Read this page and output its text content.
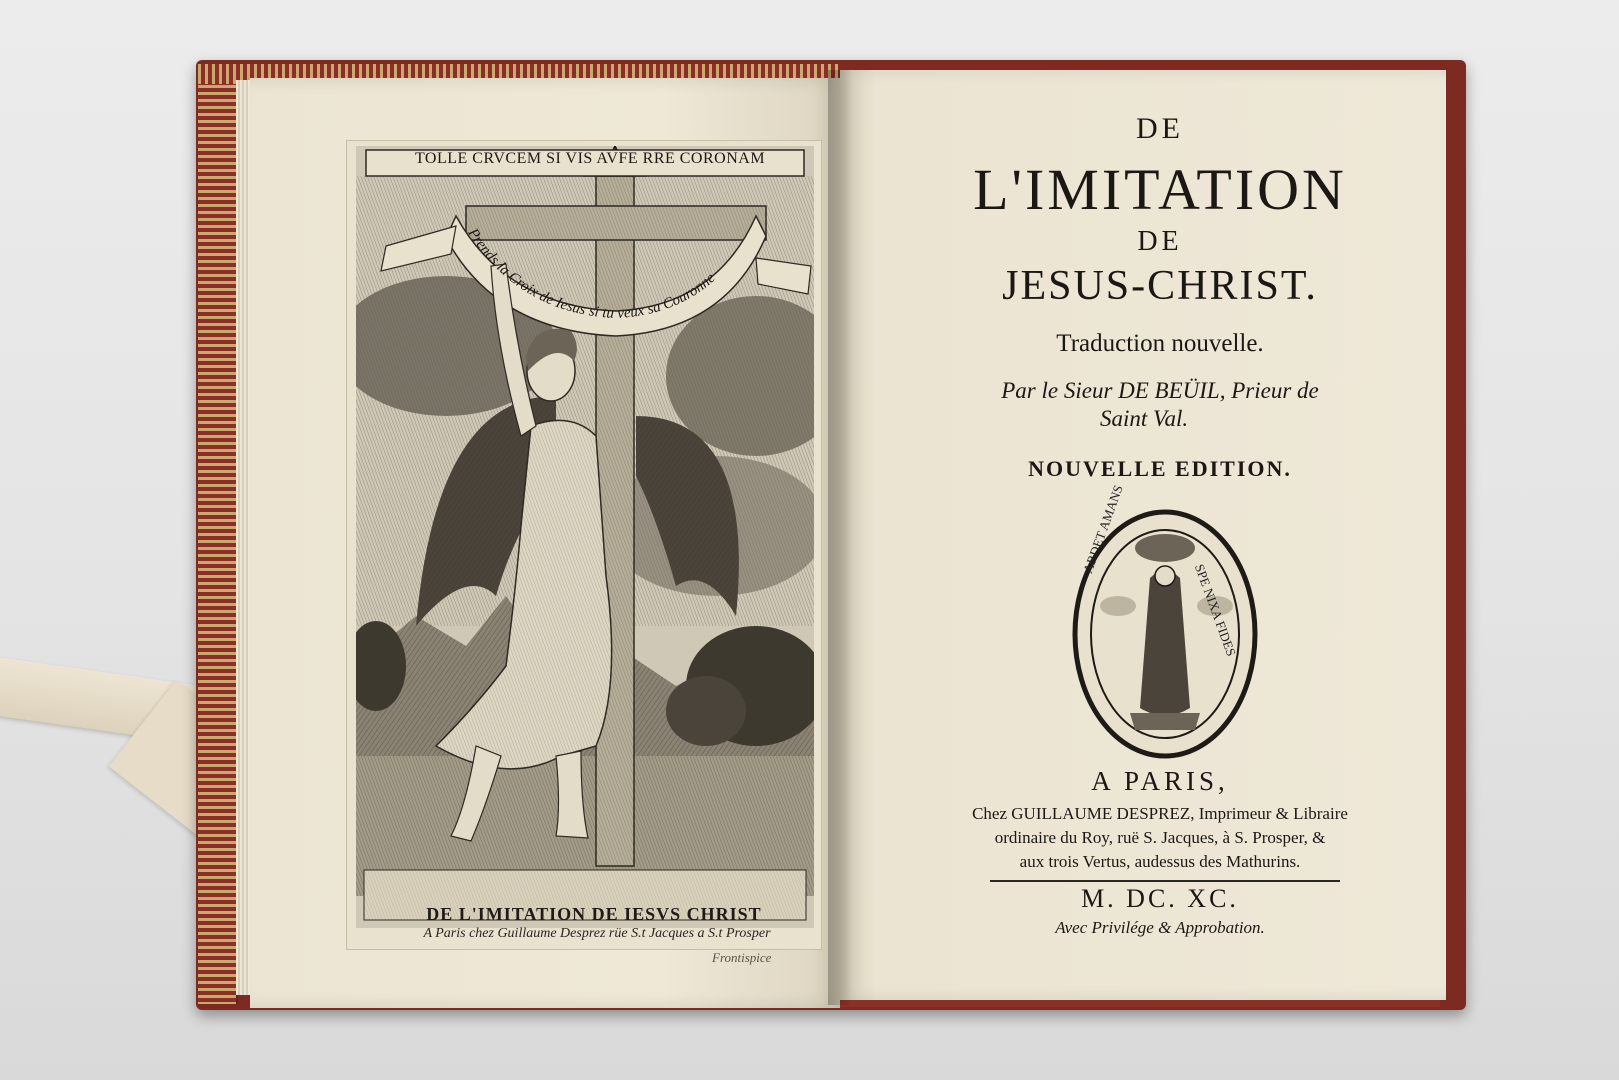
TOLLE CRVCEM SI VIS AVFE RRE CORONAM
DE L'IMITATION DE IESVS CHRIST
A Paris chez Guillaume Desprez rüe S.t Jacques a S.t Prosper
Frontispice
Prends la Croix de Iesus si tu veux sa Couronne
DE
L'IMITATION
DE
JESUS-CHRIST.
Traduction nouvelle.
Par le Sieur DE BEÜIL, Prieur de
Saint Val.
NOUVELLE EDITION.
ARDET AMANS
SPE NIXA FIDES
A PARIS,
Chez GUILLAUME DESPREZ, Imprimeur & Libraire
ordinaire du Roy, ruë S. Jacques, à S. Prosper, &
aux trois Vertus, audessus des Mathurins.
M. DC. XC.
Avec Privilége & Approbation.
